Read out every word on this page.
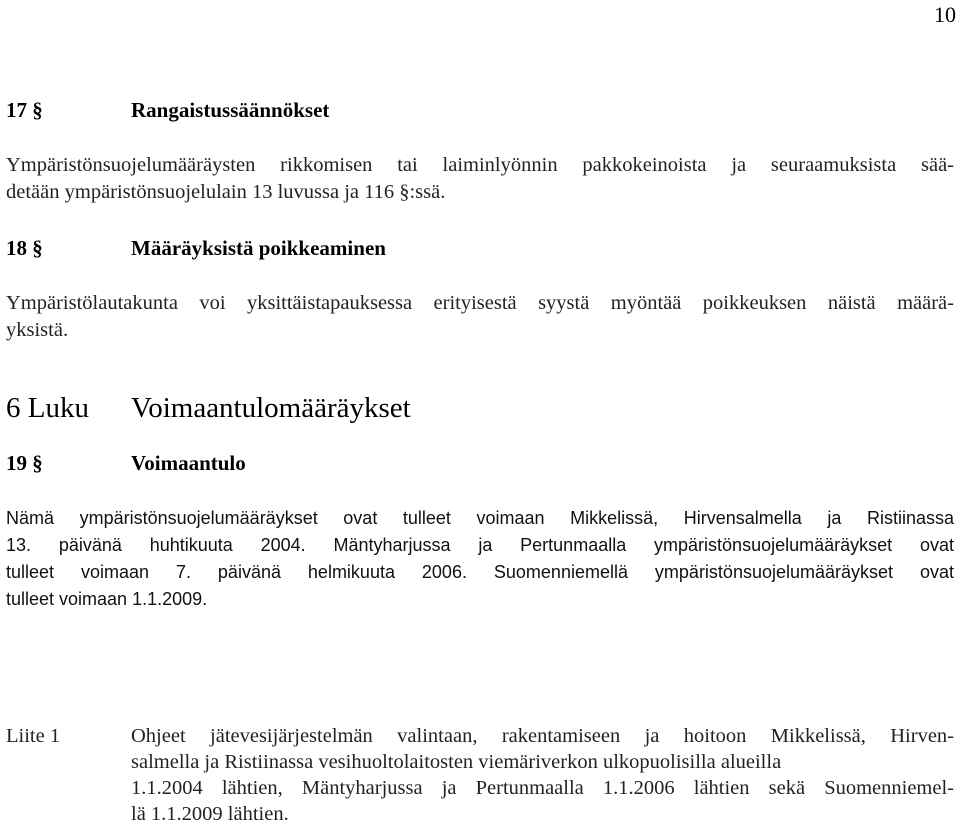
10
17 §	Rangaistussäännökset
Ympäristönsuojelumääräysten rikkomisen tai laiminlyönnin pakkokeinoista ja seuraamuksista sää-
detään ympäristönsuojelulain 13 luvussa ja 116 §:ssä.
18 §	Määräyksistä poikkeaminen
Ympäristölautakunta voi yksittäistapauksessa erityisestä syystä myöntää poikkeuksen näistä määrä-
yksistä.
6 Luku Voimaantulomääräykset
19 §	Voimaantulo
Nämä ympäristönsuojelumääräykset ovat tulleet voimaan Mikkelissä, Hirvensalmella ja Ristiinassa
13. päivänä huhtikuuta 2004. Mäntyharjussa ja Pertunmaalla ympäristönsuojelumääräykset ovat
tulleet voimaan 7. päivänä helmikuuta 2006. Suomenniemellä ympäristönsuojelumääräykset ovat
tulleet voimaan 1.1.2009.
Liite 1	Ohjeet jätevesijärjestelmän valintaan, rakentamiseen ja hoitoon Mikkelissä, Hirven-
salmella ja Ristiinassa vesihuoltolaitosten viemäriverkon ulkopuolisilla alueilla
1.1.2004 lähtien, Mäntyharjussa ja Pertunmaalla 1.1.2006 lähtien sekä Suomenniemel-
lä 1.1.2009 lähtien.
